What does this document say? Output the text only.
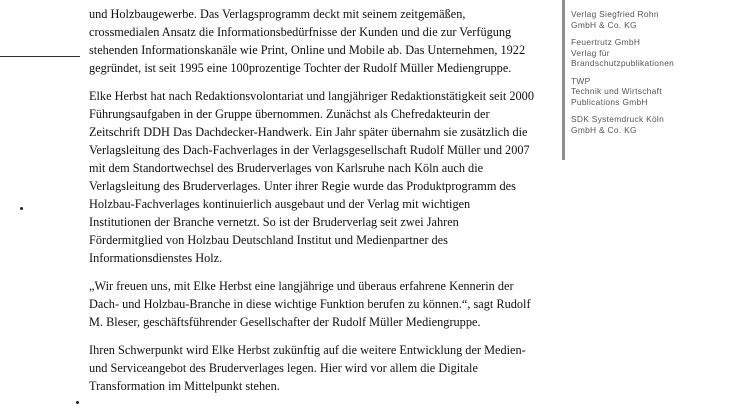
und Holzbaugewerbe. Das Verlagsprogramm deckt mit seinem zeitgemäßen,
crossmedialen Ansatz die Informationsbedürfnisse der Kunden und die zur Verfügung
stehenden Informationskanäle wie Print, Online und Mobile ab. Das Unternehmen, 1922
gegründet, ist seit 1995 eine 100prozentige Tochter der Rudolf Müller Mediengruppe.

Elke Herbst hat nach Redaktionsvolontariat und langjähriger Redaktionstätigkeit seit 2000
Führungsaufgaben in der Gruppe übernommen. Zunächst als Chefredakteurin der
Zeitschrift DDH Das Dachdecker-Handwerk. Ein Jahr später übernahm sie zusätzlich die
Verlagsleitung des Dach-Fachverlages in der Verlagsgesellschaft Rudolf Müller und 2007
mit dem Standortwechsel des Bruderverlages von Karlsruhe nach Köln auch die
Verlagsleitung des Bruderverlages. Unter ihrer Regie wurde das Produktprogramm des
Holzbau-Fachverlages kontinuierlich ausgebaut und der Verlag mit wichtigen
Institutionen der Branche vernetzt. So ist der Bruderverlag seit zwei Jahren
Fördermitglied von Holzbau Deutschland Institut und Medienpartner des
Informationsdienstes Holz.

„Wir freuen uns, mit Elke Herbst eine langjährige und überaus erfahrene Kennerin der
Dach- und Holzbau-Branche in diese wichtige Funktion berufen zu können.“, sagt Rudolf
M. Bleser, geschäftsführender Gesellschafter der Rudolf Müller Mediengruppe.

Ihren Schwerpunkt wird Elke Herbst zukünftig auf die weitere Entwicklung der Medien-
und Serviceangebot des Bruderverlages legen. Hier wird vor allem die Digitale
Transformation im Mittelpunkt stehen.

Verlag Siegfried Rohn
GmbH & Co. KG
Feuertrutz GmbH
Verlag für
Brandschutzpublikationen
TWP
Technik und Wirtschaft
Publications GmbH
SDK Systemdruck Köln
GmbH & Co. KG
